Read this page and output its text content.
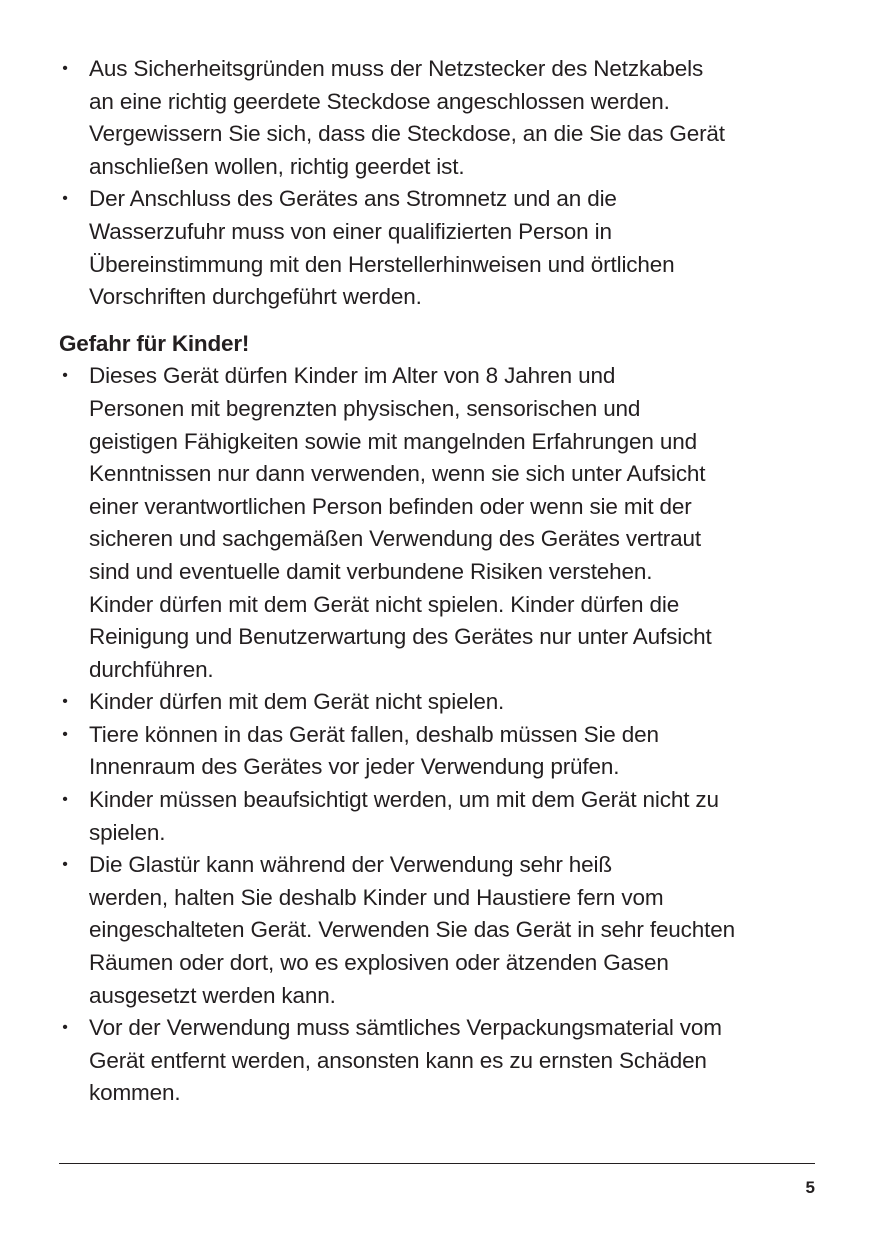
• Aus Sicherheitsgründen muss der Netzstecker des Netzkabels
an eine richtig geerdete Steckdose angeschlossen werden.
Vergewissern Sie sich, dass die Steckdose, an die Sie das Gerät
anschließen wollen, richtig geerdet ist.
• Der Anschluss des Gerätes ans Stromnetz und an die
Wasserzufuhr muss von einer qualifizierten Person in
Übereinstimmung mit den Herstellerhinweisen und örtlichen
Vorschriften durchgeführt werden.
Gefahr für Kinder!
• Dieses Gerät dürfen Kinder im Alter von 8 Jahren und
Personen mit begrenzten physischen, sensorischen und
geistigen Fähigkeiten sowie mit mangelnden Erfahrungen und
Kenntnissen nur dann verwenden, wenn sie sich unter Aufsicht
einer verantwortlichen Person befinden oder wenn sie mit der
sicheren und sachgemäßen Verwendung des Gerätes vertraut
sind und eventuelle damit verbundene Risiken verstehen.
Kinder dürfen mit dem Gerät nicht spielen. Kinder dürfen die
Reinigung und Benutzerwartung des Gerätes nur unter Aufsicht
durchführen.
• Kinder dürfen mit dem Gerät nicht spielen.
• Tiere können in das Gerät fallen, deshalb müssen Sie den
Innenraum des Gerätes vor jeder Verwendung prüfen.
• Kinder müssen beaufsichtigt werden, um mit dem Gerät nicht zu
spielen.
• Die Glastür kann während der Verwendung sehr heiß
werden, halten Sie deshalb Kinder und Haustiere fern vom
eingeschalteten Gerät. Verwenden Sie das Gerät in sehr feuchten
Räumen oder dort, wo es explosiven oder ätzenden Gasen
ausgesetzt werden kann.
• Vor der Verwendung muss sämtliches Verpackungsmaterial vom
Gerät entfernt werden, ansonsten kann es zu ernsten Schäden
kommen.
5
